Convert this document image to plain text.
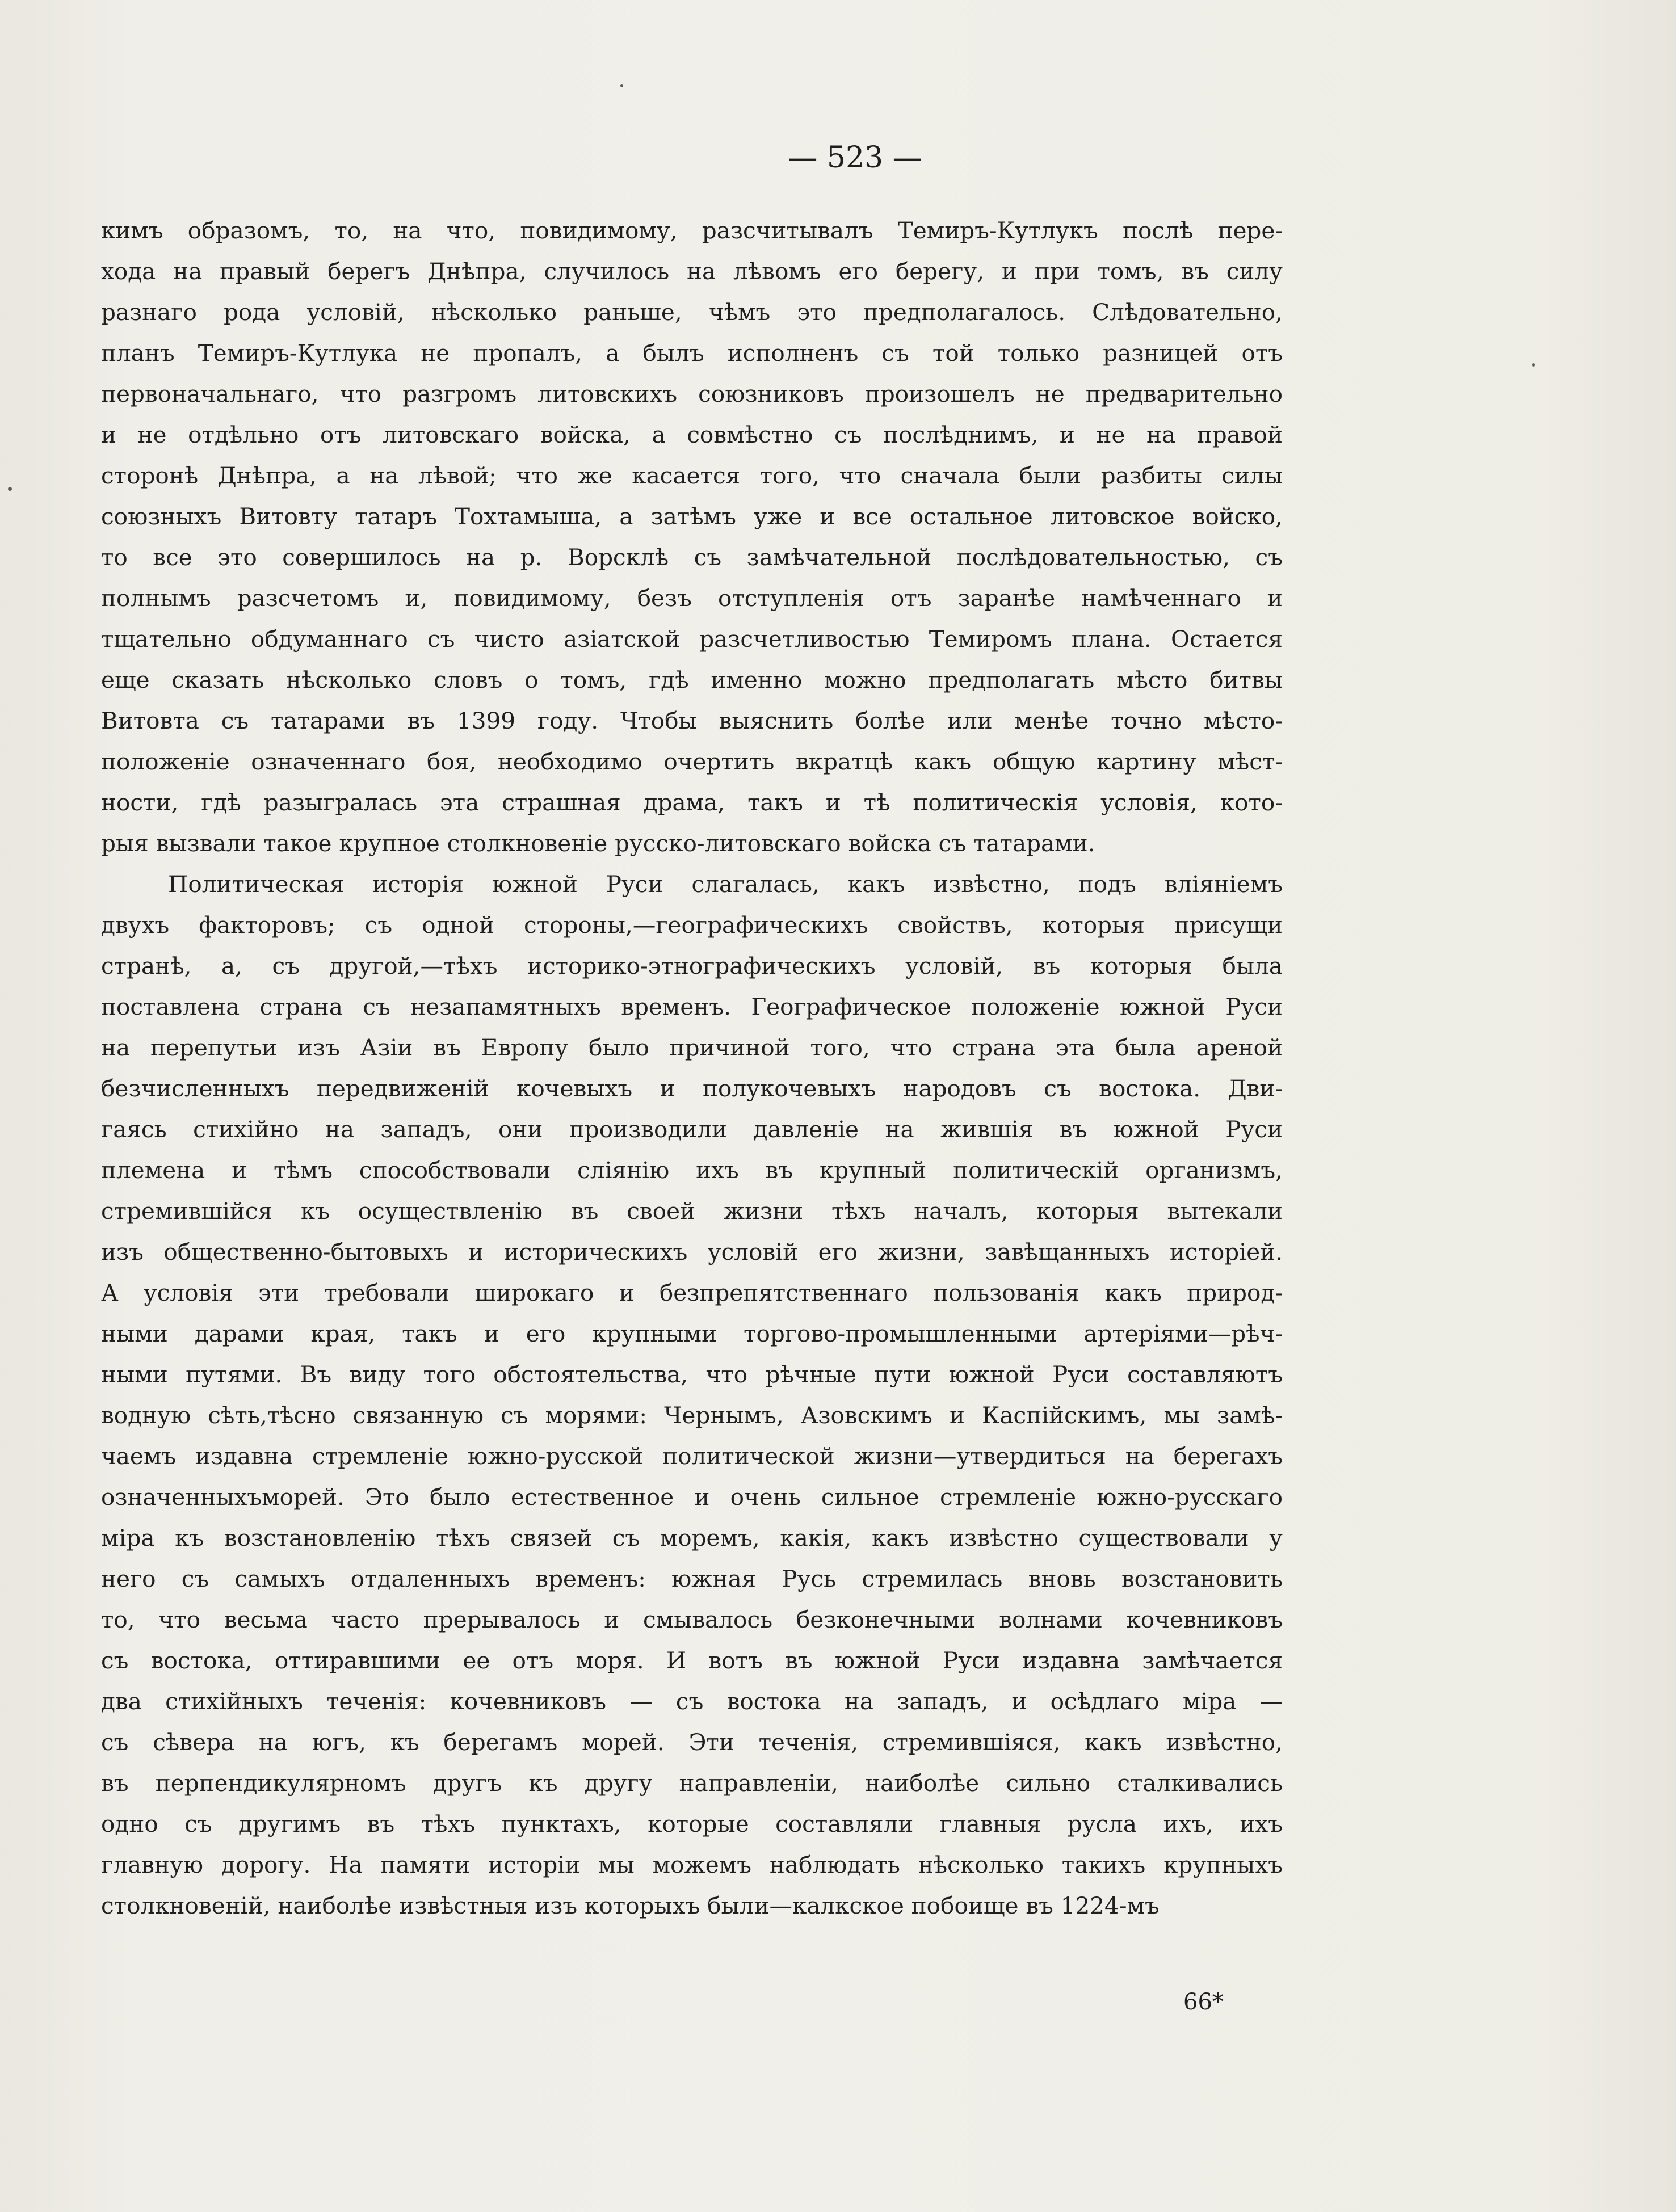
— 523 —
кимъ образомъ, то, на что, повидимому, разсчитывалъ Темиръ-Кутлукъ послѣ пере-
хода на правый берегъ Днѣпра, случилось на лѣвомъ его берегу, и при томъ, въ силу
разнаго рода условій, нѣсколько раньше, чѣмъ это предполагалось. Слѣдовательно,
планъ Темиръ-Кутлука не пропалъ, а былъ исполненъ съ той только разницей отъ
первоначальнаго, что разгромъ литовскихъ союзниковъ произошелъ не предварительно
и не отдѣльно отъ литовскаго войска, а совмѣстно съ послѣднимъ, и не на правой
сторонѣ Днѣпра, а на лѣвой; что же касается того, что сначала были разбиты силы
союзныхъ Витовту татаръ Тохтамыша, а затѣмъ уже и все остальное литовское войско,
то все это совершилось на р. Ворсклѣ съ замѣчательной послѣдовательностью, съ
полнымъ разсчетомъ и, повидимому, безъ отступленія отъ заранѣе намѣченнаго и
тщательно обдуманнаго съ чисто азіатской разсчетливостью Темиромъ плана. Остается
еще сказать нѣсколько словъ о томъ, гдѣ именно можно предполагать мѣсто битвы
Витовта съ татарами въ 1399 году. Чтобы выяснить болѣе или менѣе точно мѣсто-
положеніе означеннаго боя, необходимо очертить вкратцѣ какъ общую картину мѣст-
ности, гдѣ разыгралась эта страшная драма, такъ и тѣ политическія условія, кото-
рыя вызвали такое крупное столкновеніе русско-литовскаго войска съ татарами.
Политическая исторія южной Руси слагалась, какъ извѣстно, подъ вліяніемъ
двухъ факторовъ; съ одной стороны,—географическихъ свойствъ, которыя присущи
странѣ, а, съ другой,—тѣхъ историко-этнографическихъ условій, въ которыя была
поставлена страна съ незапамятныхъ временъ. Географическое положеніе южной Руси
на перепутьи изъ Азіи въ Европу было причиной того, что страна эта была ареной
безчисленныхъ передвиженій кочевыхъ и полукочевыхъ народовъ съ востока. Дви-
гаясь стихійно на западъ, они производили давленіе на жившія въ южной Руси
племена и тѣмъ способствовали слiянію ихъ въ крупный политическій организмъ,
стремившійся къ осуществленію въ своей жизни тѣхъ началъ, которыя вытекали
изъ общественно-бытовыхъ и историческихъ условій его жизни, завѣщанныхъ исторіей.
А условія эти требовали широкаго и безпрепятственнаго пользованія какъ природ-
ными дарами края, такъ и его крупными торгово-промышленными артеріями—рѣч-
ными путями. Въ виду того обстоятельства, что рѣчные пути южной Руси составляютъ
водную сѣть,тѣсно связанную съ морями: Чернымъ, Азовскимъ и Каспійскимъ, мы замѣ-
чаемъ издавна стремленіе южно-русской политической жизни—утвердиться на берегахъ
означенныхъморей. Это было естественное и очень сильное стремленіе южно-русскаго
міра къ возстановленію тѣхъ связей съ моремъ, какія, какъ извѣстно существовали у
него съ самыхъ отдаленныхъ временъ: южная Русь стремилась вновь возстановить
то, что весьма часто прерывалось и смывалось безконечными волнами кочевниковъ
съ востока, оттиравшими ее отъ моря. И вотъ въ южной Руси издавна замѣчается
два стихійныхъ теченія: кочевниковъ — съ востока на западъ, и осѣдлаго міра —
съ сѣвера на югъ, къ берегамъ морей. Эти теченія, стремившіяся, какъ извѣстно,
въ перпендикулярномъ другъ къ другу направленіи, наиболѣе сильно сталкивались
одно съ другимъ въ тѣхъ пунктахъ, которые составляли главныя русла ихъ, ихъ
главную дорогу. На памяти исторіи мы можемъ наблюдать нѣсколько такихъ крупныхъ
столкновеній, наиболѣе извѣстныя изъ которыхъ были—калкское побоище въ 1224-мъ
66*
